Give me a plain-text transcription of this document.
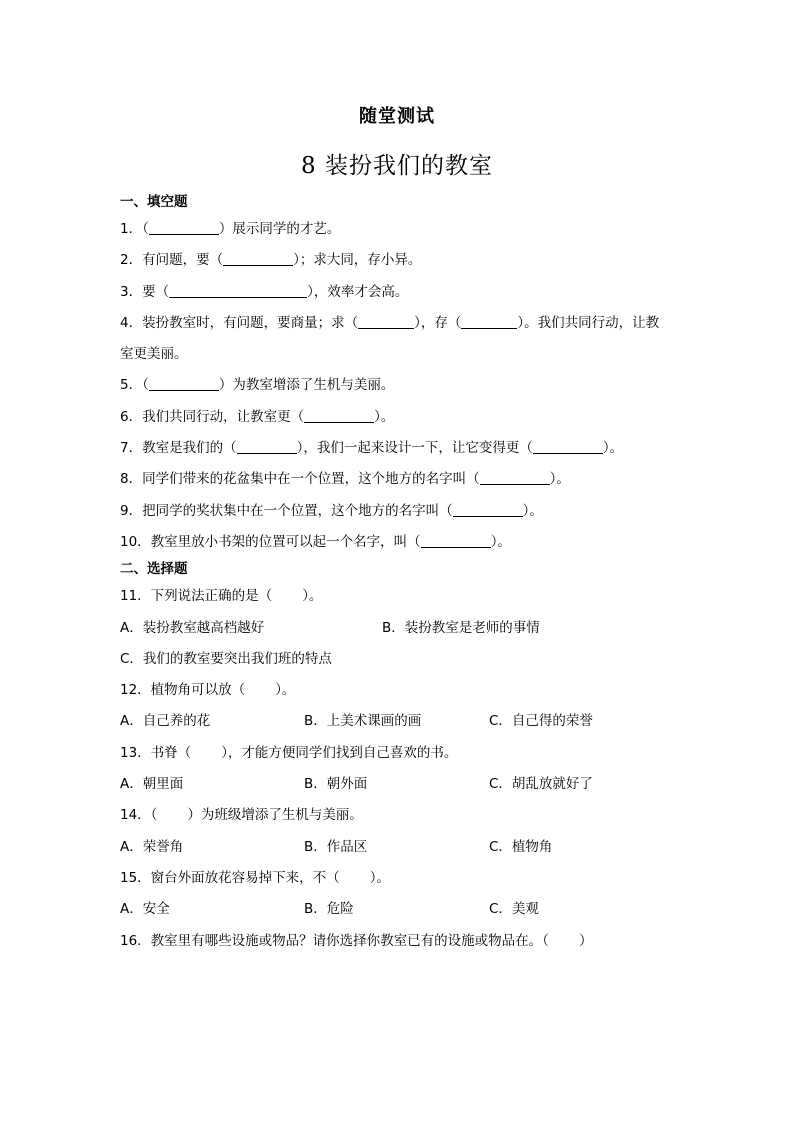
随堂测试
8 装扮我们的教室
一、填空题
1．（	）展示同学的才艺。
2．有问题，要（	）；求大同，存小异。
3．要（	），效率才会高。
4．装扮教室时，有问题，要商量；求（	），存（	）。我们共同行动，让教
室更美丽。
5．（	）为教室增添了生机与美丽。
6．我们共同行动，让教室更（	）。
7．教室是我们的（	），我们一起来设计一下，让它变得更（	）。
8．同学们带来的花盆集中在一个位置，这个地方的名字叫（	）。
9．把同学的奖状集中在一个位置，这个地方的名字叫（	）。
10．教室里放小书架的位置可以起一个名字，叫（	）。
二、选择题
11．下列说法正确的是（ ）。
A．装扮教室越高档越好	B．装扮教室是老师的事情
C．我们的教室要突出我们班的特点
12．植物角可以放（ ）。
A．自己养的花	B．上美术课画的画	C．自己得的荣誉
13．书脊（ ），才能方便同学们找到自己喜欢的书。
A．朝里面	B．朝外面	C．胡乱放就好了
14．（ ）为班级增添了生机与美丽。
A．荣誉角	B．作品区	C．植物角
15．窗台外面放花容易掉下来，不（ ）。
A．安全	B．危险	C．美观
16．教室里有哪些设施或物品？请你选择你教室已有的设施或物品在。（ ）
